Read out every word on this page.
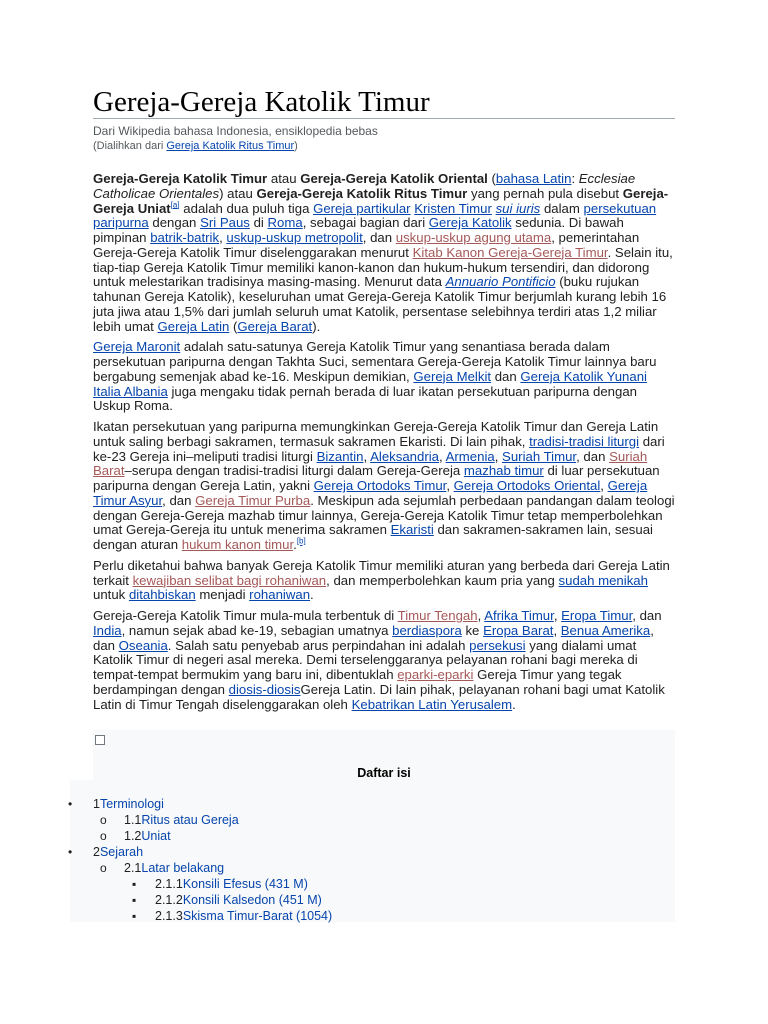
Gereja-Gereja Katolik Timur
Dari Wikipedia bahasa Indonesia, ensiklopedia bebas
(Dialihkan dari Gereja Katolik Ritus Timur)

Gereja-Gereja Katolik Timur atau Gereja-Gereja Katolik Oriental (bahasa Latin: Ecclesiae Catholicae Orientales) atau Gereja-Gereja Katolik Ritus Timur yang pernah pula disebut Gereja-Gereja Uniat[a] adalah dua puluh tiga Gereja partikular Kristen Timur sui iuris dalam persekutuan paripurna dengan Sri Paus di Roma, sebagai bagian dari Gereja Katolik sedunia. Di bawah pimpinan batrik-batrik, uskup-uskup metropolit, dan uskup-uskup agung utama, pemerintahan Gereja-Gereja Katolik Timur diselenggarakan menurut Kitab Kanon Gereja-Gereja Timur. Selain itu, tiap-tiap Gereja Katolik Timur memiliki kanon-kanon dan hukum-hukum tersendiri, dan didorong untuk melestarikan tradisinya masing-masing. Menurut data Annuario Pontificio (buku rujukan tahunan Gereja Katolik), keseluruhan umat Gereja-Gereja Katolik Timur berjumlah kurang lebih 16 juta jiwa atau 1,5% dari jumlah seluruh umat Katolik, persentase selebihnya terdiri atas 1,2 miliar lebih umat Gereja Latin (Gereja Barat).

Gereja Maronit adalah satu-satunya Gereja Katolik Timur yang senantiasa berada dalam persekutuan paripurna dengan Takhta Suci, sementara Gereja-Gereja Katolik Timur lainnya baru bergabung semenjak abad ke-16. Meskipun demikian, Gereja Melkit dan Gereja Katolik Yunani Italia Albania juga mengaku tidak pernah berada di luar ikatan persekutuan paripurna dengan Uskup Roma.

Ikatan persekutuan yang paripurna memungkinkan Gereja-Gereja Katolik Timur dan Gereja Latin untuk saling berbagi sakramen, termasuk sakramen Ekaristi. Di lain pihak, tradisi-tradisi liturgi dari ke-23 Gereja ini–meliputi tradisi liturgi Bizantin, Aleksandria, Armenia, Suriah Timur, dan Suriah Barat–serupa dengan tradisi-tradisi liturgi dalam Gereja-Gereja mazhab timur di luar persekutuan paripurna dengan Gereja Latin, yakni Gereja Ortodoks Timur, Gereja Ortodoks Oriental, Gereja Timur Asyur, dan Gereja Timur Purba. Meskipun ada sejumlah perbedaan pandangan dalam teologi dengan Gereja-Gereja mazhab timur lainnya, Gereja-Gereja Katolik Timur tetap memperbolehkan umat Gereja-Gereja itu untuk menerima sakramen Ekaristi dan sakramen-sakramen lain, sesuai dengan aturan hukum kanon timur.[b]

Perlu diketahui bahwa banyak Gereja Katolik Timur memiliki aturan yang berbeda dari Gereja Latin terkait kewajiban selibat bagi rohaniwan, dan memperbolehkan kaum pria yang sudah menikah untuk ditahbiskan menjadi rohaniwan.

Gereja-Gereja Katolik Timur mula-mula terbentuk di Timur Tengah, Afrika Timur, Eropa Timur, dan India, namun sejak abad ke-19, sebagian umatnya berdiaspora ke Eropa Barat, Benua Amerika, dan Oseania. Salah satu penyebab arus perpindahan ini adalah persekusi yang dialami umat Katolik Timur di negeri asal mereka. Demi terselenggaranya pelayanan rohani bagi mereka di tempat-tempat bermukim yang baru ini, dibentuklah eparki-eparki Gereja Timur yang tegak berdampingan dengan diosis-diosisGereja Latin. Di lain pihak, pelayanan rohani bagi umat Katolik Latin di Timur Tengah diselenggarakan oleh Kebatrikan Latin Yerusalem.

Daftar isi
• 1Terminologi
o 1.1Ritus atau Gereja
o 1.2Uniat
• 2Sejarah
o 2.1Latar belakang
▪ 2.1.1Konsili Efesus (431 M)
▪ 2.1.2Konsili Kalsedon (451 M)
▪ 2.1.3Skisma Timur-Barat (1054)
